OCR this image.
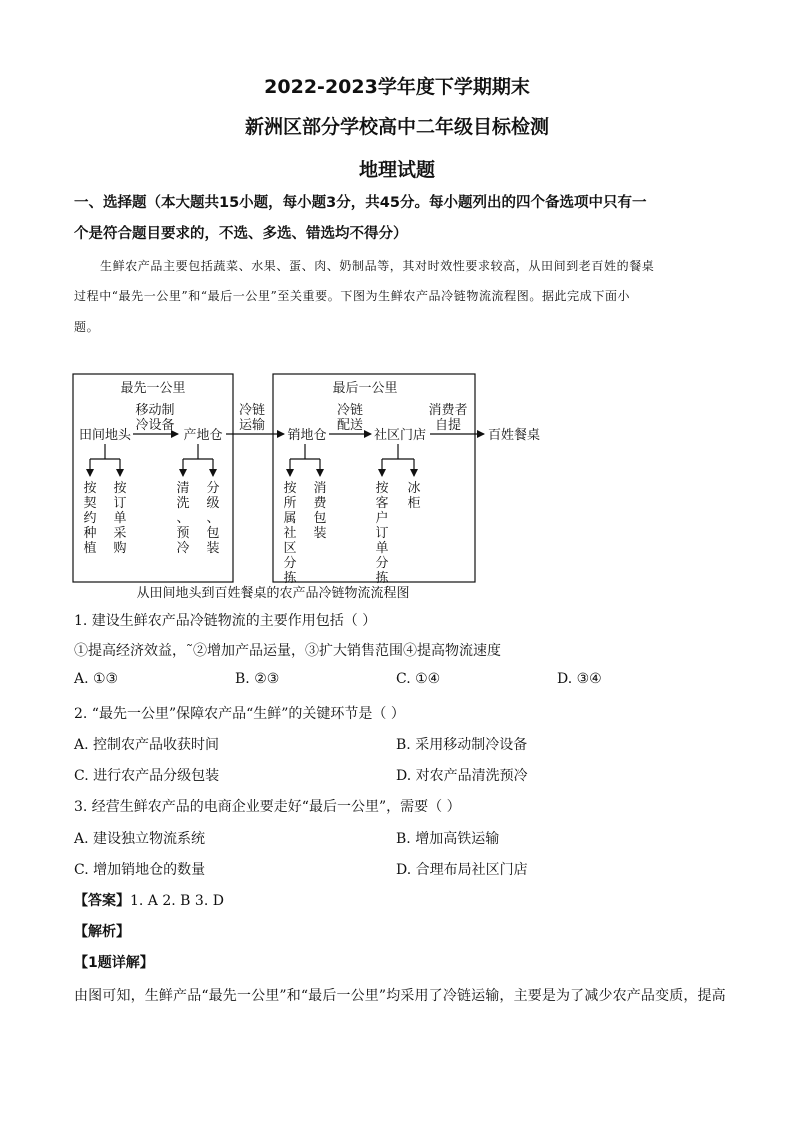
2022-2023学年度下学期期末
新洲区部分学校高中二年级目标检测
地理试题
一、选择题（本大题共15小题，每小题3分，共45分。每小题列出的四个备选项中只有一
个是符合题目要求的，不选、多选、错选均不得分）
生鲜农产品主要包括蔬菜、水果、蛋、肉、奶制品等，其对时效性要求较高，从田间到老百姓的餐桌
过程中“最先一公里”和“最后一公里”至关重要。下图为生鲜农产品冷链物流流程图。据此完成下面小
题。
最先一公里	最后一公里
移动制
冷设备
冷链
运输
冷链
配送
消费者
自提
田间地头	产地仓	销地仓	社区门店	百姓餐桌
从田间地头到百姓餐桌的农产品冷链物流流程图
按
契
约
种
植
按
订
单
采
购
清
洗
、
预
冷
分
级
、
包
装
按
所
属
社
区
分
拣
消
费
包
装
按
客
户
订
单
分
拣
冰
柜
1. 建设生鲜农产品冷链物流的主要作用包括（ ）
①提高经济效益，˜②增加产品运量，③扩大销售范围④提高物流速度
A. ①③	B. ②③	C. ①④	D. ③④
2. “最先一公里”保障农产品“生鲜”的关键环节是（ ）
A. 控制农产品收获时间	B. 采用移动制冷设备
C. 进行农产品分级包装	D. 对农产品清洗预冷
3. 经营生鲜农产品的电商企业要走好“最后一公里”，需要（ ）
A. 建设独立物流系统	B. 增加高铁运输
C. 增加销地仓的数量	D. 合理布局社区门店
【答案】1. A 2. B 3. D
【解析】
【1题详解】
由图可知，生鲜产品“最先一公里”和“最后一公里”均采用了冷链运输，主要是为了减少农产品变质，提高
